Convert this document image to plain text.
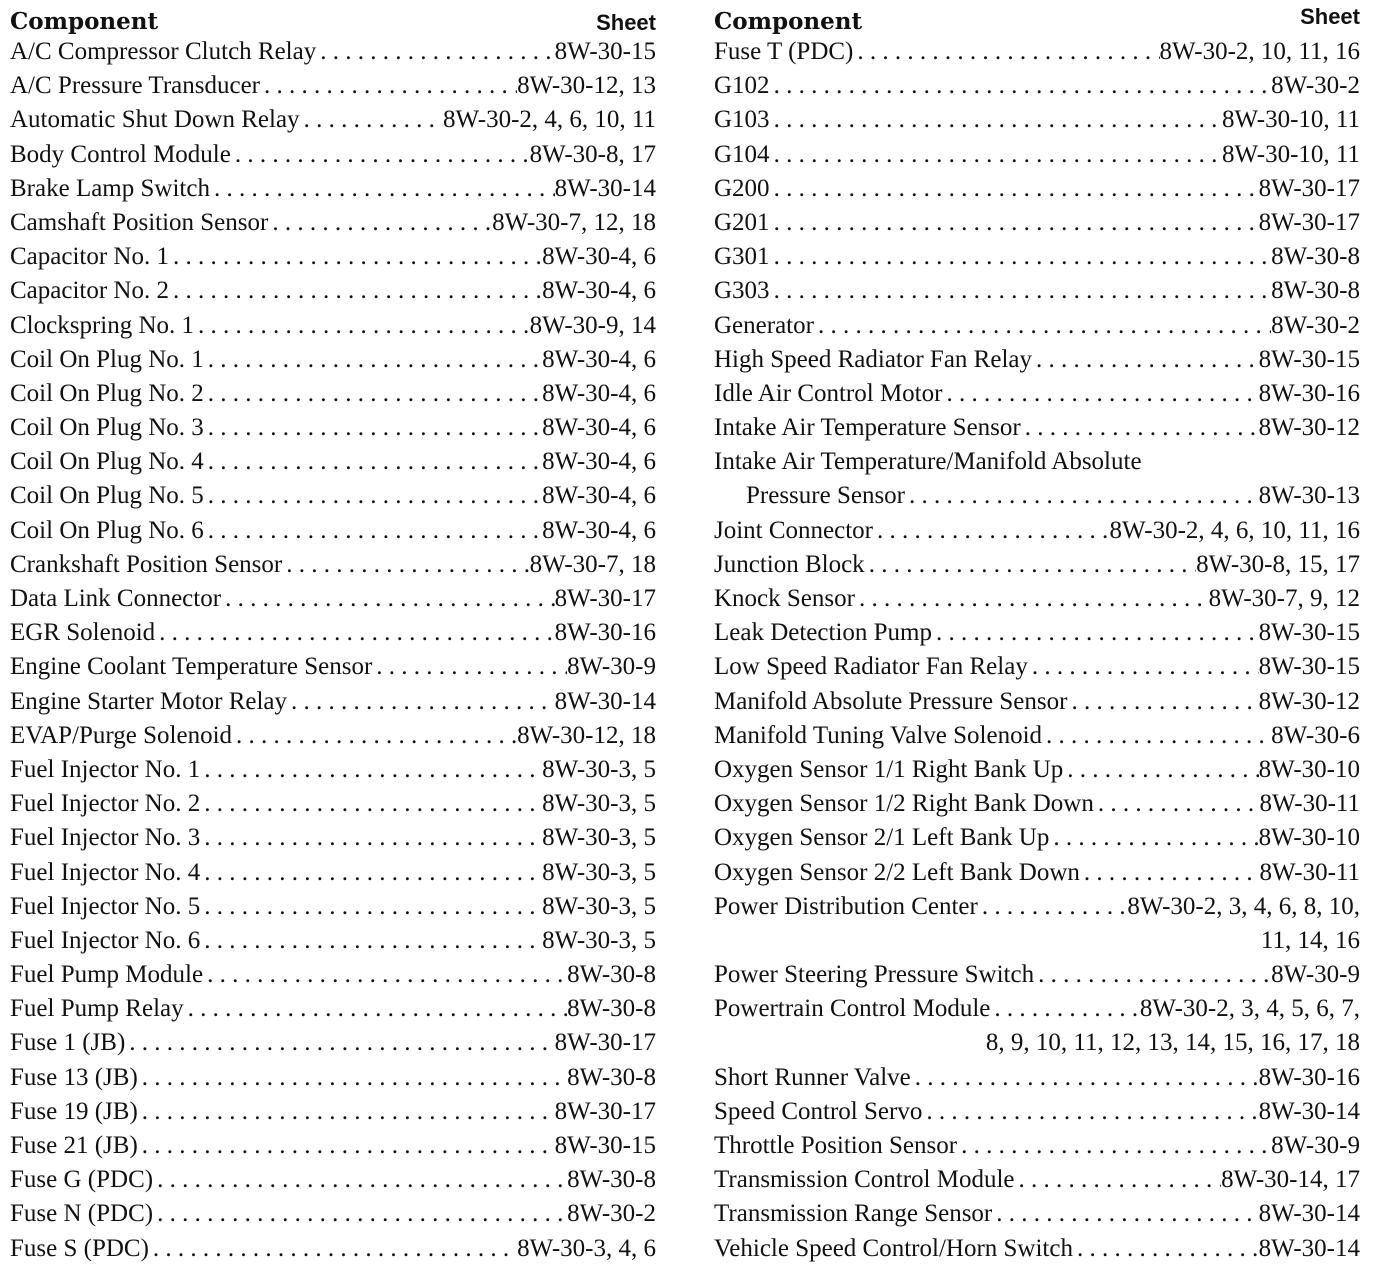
Component	Sheet
A/C Compressor Clutch Relay . . .	8W-30-15
A/C Pressure Transducer . . .	8W-30-12, 13
Automatic Shut Down Relay . . .	8W-30-2, 4, 6, 10, 11
Body Control Module . . .	8W-30-8, 17
Brake Lamp Switch . . .	8W-30-14
Camshaft Position Sensor . . .	8W-30-7, 12, 18
Capacitor No. 1 . . .	8W-30-4, 6
Capacitor No. 2 . . .	8W-30-4, 6
Clockspring No. 1 . . .	8W-30-9, 14
Coil On Plug No. 1 . . .	8W-30-4, 6
Coil On Plug No. 2 . . .	8W-30-4, 6
Coil On Plug No. 3 . . .	8W-30-4, 6
Coil On Plug No. 4 . . .	8W-30-4, 6
Coil On Plug No. 5 . . .	8W-30-4, 6
Coil On Plug No. 6 . . .	8W-30-4, 6
Crankshaft Position Sensor . . .	8W-30-7, 18
Data Link Connector . . .	8W-30-17
EGR Solenoid . . .	8W-30-16
Engine Coolant Temperature Sensor . . .	8W-30-9
Engine Starter Motor Relay . . .	8W-30-14
EVAP/Purge Solenoid . . .	8W-30-12, 18
Fuel Injector No. 1 . . .	8W-30-3, 5
Fuel Injector No. 2 . . .	8W-30-3, 5
Fuel Injector No. 3 . . .	8W-30-3, 5
Fuel Injector No. 4 . . .	8W-30-3, 5
Fuel Injector No. 5 . . .	8W-30-3, 5
Fuel Injector No. 6 . . .	8W-30-3, 5
Fuel Pump Module . . .	8W-30-8
Fuel Pump Relay . . .	8W-30-8
Fuse 1 (JB) . . .	8W-30-17
Fuse 13 (JB) . . .	8W-30-8
Fuse 19 (JB) . . .	8W-30-17
Fuse 21 (JB) . . .	8W-30-15
Fuse G (PDC) . . .	8W-30-8
Fuse N (PDC) . . .	8W-30-2
Fuse S (PDC) . . .	8W-30-3, 4, 6
Component	Sheet
Fuse T (PDC) . . .	8W-30-2, 10, 11, 16
G102 . . .	8W-30-2
G103 . . .	8W-30-10, 11
G104 . . .	8W-30-10, 11
G200 . . .	8W-30-17
G201 . . .	8W-30-17
G301 . . .	8W-30-8
G303 . . .	8W-30-8
Generator . . .	8W-30-2
High Speed Radiator Fan Relay . . .	8W-30-15
Idle Air Control Motor . . .	8W-30-16
Intake Air Temperature Sensor . . .	8W-30-12
Intake Air Temperature/Manifold Absolute
Pressure Sensor . . .	8W-30-13
Joint Connector . . .	8W-30-2, 4, 6, 10, 11, 16
Junction Block . . .	8W-30-8, 15, 17
Knock Sensor . . .	8W-30-7, 9, 12
Leak Detection Pump . . .	8W-30-15
Low Speed Radiator Fan Relay . . .	8W-30-15
Manifold Absolute Pressure Sensor . . .	8W-30-12
Manifold Tuning Valve Solenoid . . .	8W-30-6
Oxygen Sensor 1/1 Right Bank Up . . .	8W-30-10
Oxygen Sensor 1/2 Right Bank Down . . .	8W-30-11
Oxygen Sensor 2/1 Left Bank Up . . .	8W-30-10
Oxygen Sensor 2/2 Left Bank Down . . .	8W-30-11
Power Distribution Center . . .	8W-30-2, 3, 4, 6, 8, 10,
11, 14, 16
Power Steering Pressure Switch . . .	8W-30-9
Powertrain Control Module . . .	8W-30-2, 3, 4, 5, 6, 7,
8, 9, 10, 11, 12, 13, 14, 15, 16, 17, 18
Short Runner Valve . . .	8W-30-16
Speed Control Servo . . .	8W-30-14
Throttle Position Sensor . . .	8W-30-9
Transmission Control Module . . .	8W-30-14, 17
Transmission Range Sensor . . .	8W-30-14
Vehicle Speed Control/Horn Switch . . .	8W-30-14
